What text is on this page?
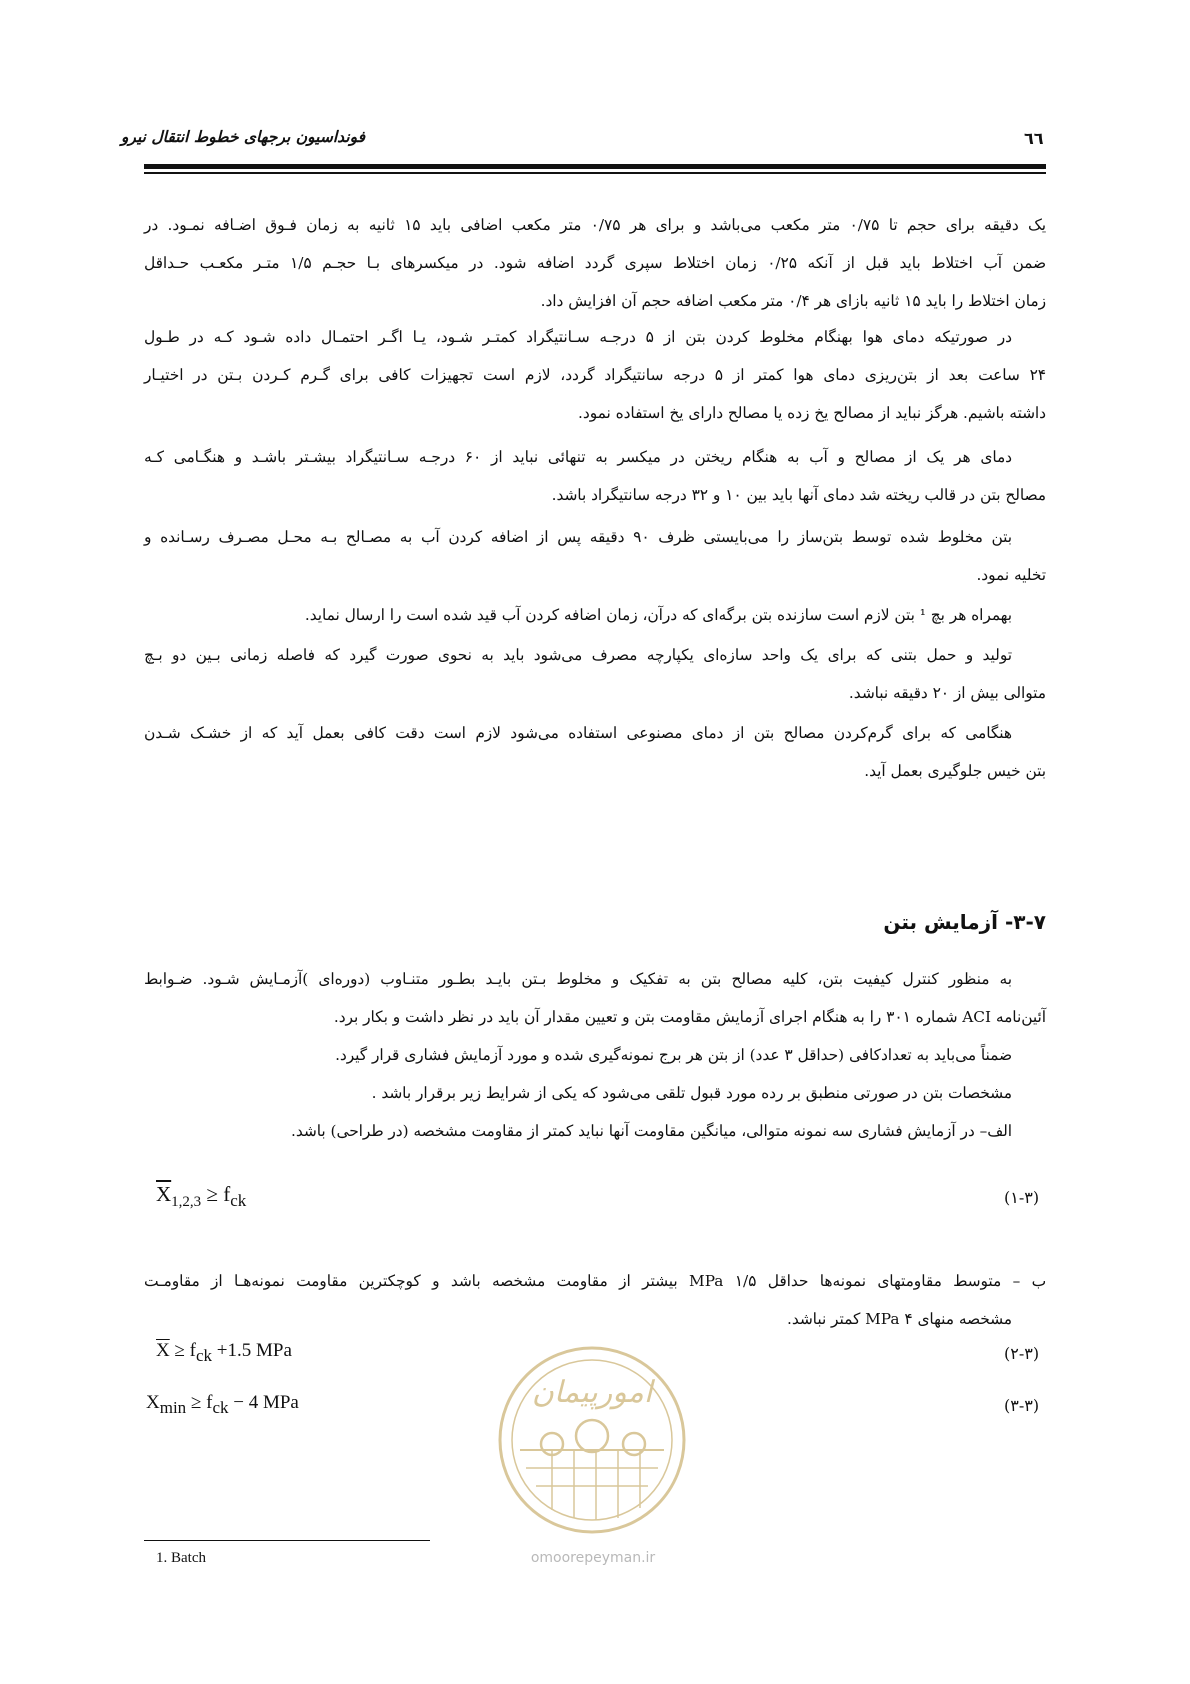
فونداسیون برجهای خطوط انتقال نیرو	٦٦
یک دقیقه برای حجم تا ۰/۷۵ متر مکعب می‌باشد و برای هر ۰/۷۵ متر مکعب اضافی باید ۱۵ ثانیه به زمان فـوق اضـافه نمـود. در
ضمن آب اختلاط باید قبل از آنکه ۰/۲۵ زمان اختلاط سپری گردد اضافه شود. در میکسرهای بـا حجـم ۱/۵ متـر مکعـب حـداقل
زمان اختلاط را باید ۱۵ ثانیه بازای هر ۰/۴ متر مکعب اضافه حجم آن افزایش داد.
در صورتیکه دمای هوا بهنگام مخلوط کردن بتن از ۵ درجـه سـانتیگراد کمتـر شـود، یـا اگـر احتمـال داده شـود کـه در طـول
۲۴ ساعت بعد از بتن‌ریزی دمای هوا کمتر از ۵ درجه سانتیگراد گردد، لازم است تجهیزات کافی برای گـرم کـردن بـتن در اختیـار
داشته باشیم. هرگز نباید از مصالح یخ زده یا مصالح دارای یخ استفاده نمود.
دمای هر یک از مصالح و آب به هنگام ریختن در میکسر به تنهائی نباید از ۶۰ درجـه سـانتیگراد بیشـتر باشـد و هنگـامی کـه
مصالح بتن در قالب ریخته شد دمای آنها باید بین ۱۰ و ۳۲ درجه سانتیگراد باشد.
بتن مخلوط شده توسط بتن‌ساز را می‌بایستی ظرف ۹۰ دقیقه پس از اضافه کردن آب به مصـالح بـه محـل مصـرف رسـانده و
تخلیه نمود.
بهمراه هر بچ ¹ بتن لازم است سازنده بتن برگه‌ای که درآن، زمان اضافه کردن آب قید شده است را ارسال نماید.
تولید و حمل بتنی که برای یک واحد سازه‌ای یکپارچه مصرف می‌شود باید به نحوی صورت گیرد که فاصله زمانی بـین دو بـچ
متوالی بیش از ۲۰ دقیقه نباشد.
هنگامی که برای گرم‌کردن مصالح بتن از دمای مصنوعی استفاده می‌شود لازم است دقت کافی بعمل آید که از خشـک شـدن
بتن خیس جلوگیری بعمل آید.
۳-۷- آزمایش بتن
به منظور کنترل کیفیت بتن، کلیه مصالح بتن به تفکیک و مخلوط بـتن بایـد بطـور متنـاوب (دوره‌ای )آزمـایش شـود. ضـوابط
آئین‌نامه ACI شماره ۳۰۱ را به هنگام اجرای آزمایش مقاومت بتن و تعیین مقدار آن باید در نظر داشت و بکار برد.
ضمناً می‌باید به تعدادکافی (حداقل ۳ عدد) از بتن هر برج نمونه‌گیری شده و مورد آزمایش فشاری قرار گیرد.
مشخصات بتن در صورتی منطبق بر رده مورد قبول تلقی می‌شود که یکی از شرایط زیر برقرار باشد .
الف– در آزمایش فشاری سه نمونه متوالی، میانگین مقاومت آنها نباید کمتر از مقاومت مشخصه (در طراحی) باشد.
$\overline{X}_{1,2,3} \ge f_{ck}$	(۱-۳)
ب – متوسط مقاومتهای نمونه‌ها حداقل ۱/۵ MPa بیشتر از مقاومت مشخصه باشد و کوچکترین مقاومت نمونه‌هـا از مقاومـت
مشخصه منهای ۴ MPa کمتر نباشد.
امورپیمان
omoorepeyman.ir
$\overline{X} \ge f_{ck} +1.5$ MPa	(۲-۳)
$X_{min} \ge f_{ck} - 4$ MPa	(۳-۳)
1. Batch
